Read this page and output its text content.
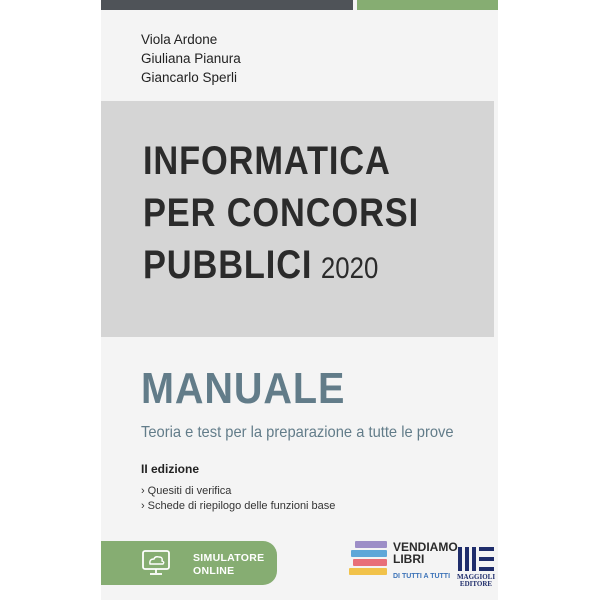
Viola Ardone
Giuliana Pianura
Giancarlo Sperli
INFORMATICA
PER CONCORSI
PUBBLICI 2020
MANUALE
Teoria e test per la preparazione a tutte le prove
II edizione
› Quesiti di verifica
› Schede di riepilogo delle funzioni base
SIMULATORE
ONLINE
VENDIAMO
LIBRI
DI TUTTI A TUTTI MAGGIOLI
EDITORE
